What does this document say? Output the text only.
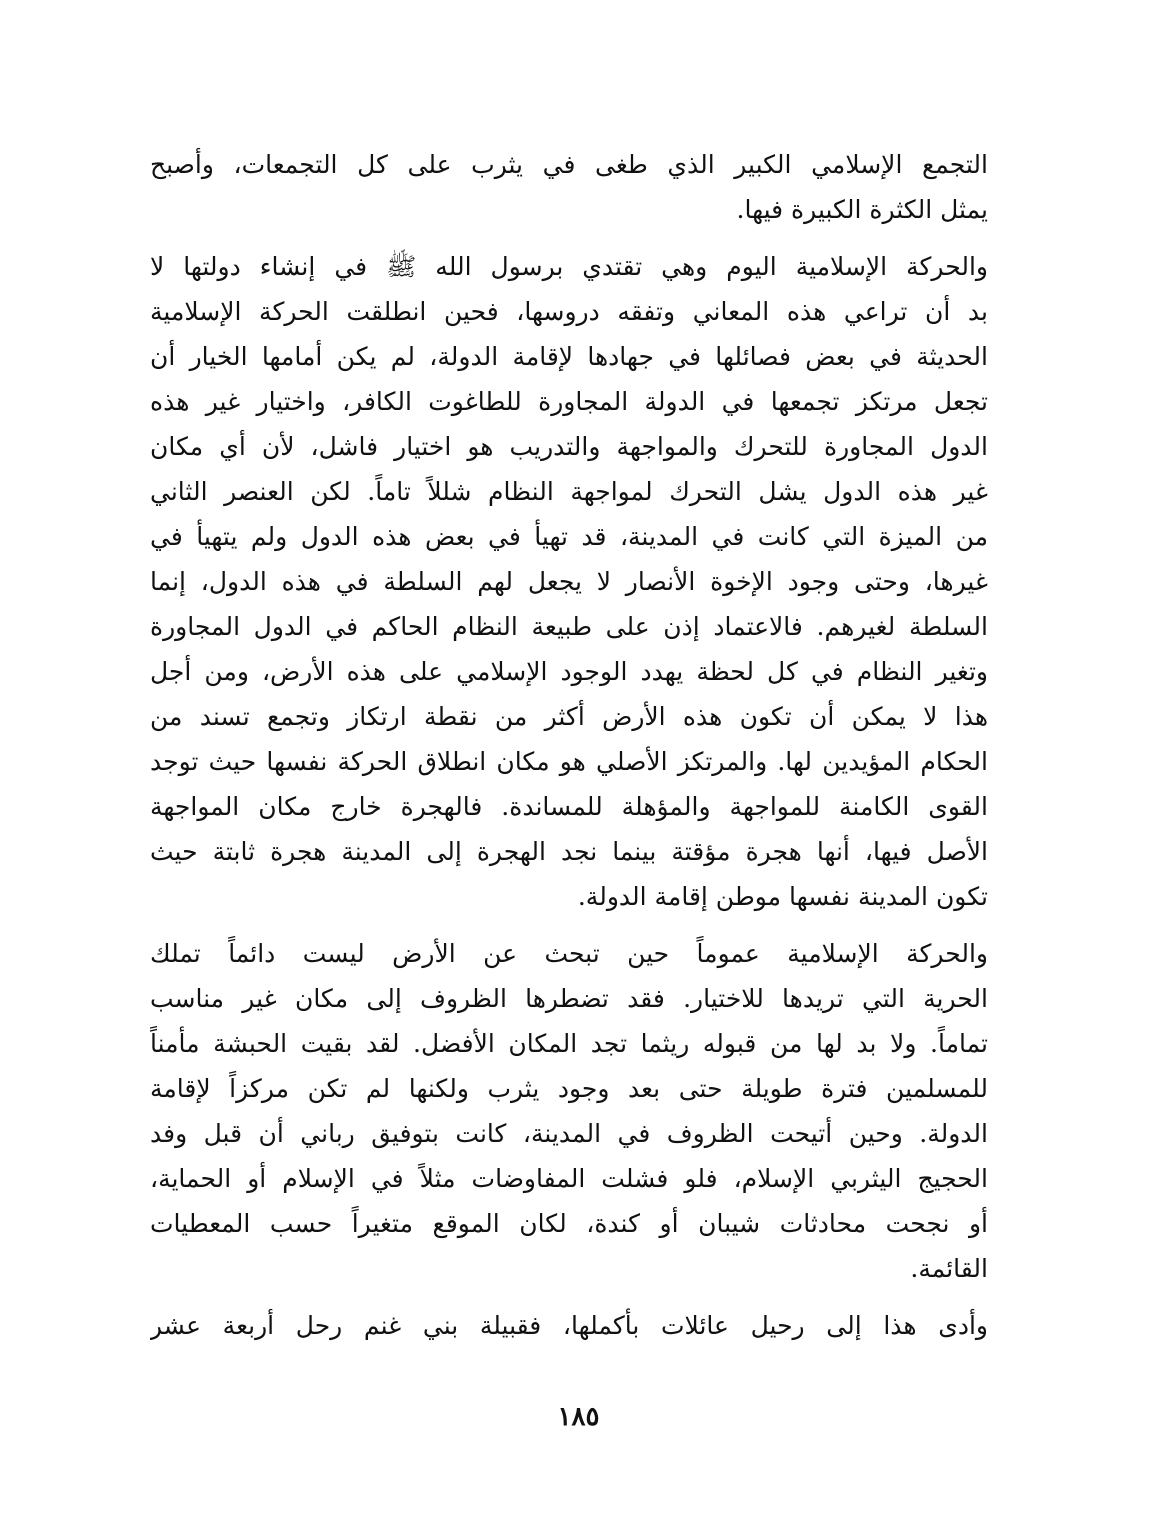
التجمع الإسلامي الكبير الذي طغى في يثرب على كل التجمعات، وأصبح
يمثل الكثرة الكبيرة فيها.
والحركة الإسلامية اليوم وهي تقتدي برسول الله ﷺ في إنشاء دولتها لا
بد أن تراعي هذه المعاني وتفقه دروسها، فحين انطلقت الحركة الإسلامية
الحديثة في بعض فصائلها في جهادها لإقامة الدولة، لم يكن أمامها الخيار أن
تجعل مرتكز تجمعها في الدولة المجاورة للطاغوت الكافر، واختيار غير هذه
الدول المجاورة للتحرك والمواجهة والتدريب هو اختيار فاشل، لأن أي مكان
غير هذه الدول يشل التحرك لمواجهة النظام شللاً تاماً. لكن العنصر الثاني
من الميزة التي كانت في المدينة، قد تهيأ في بعض هذه الدول ولم يتهيأ في
غيرها، وحتى وجود الإخوة الأنصار لا يجعل لهم السلطة في هذه الدول، إنما
السلطة لغيرهم. فالاعتماد إذن على طبيعة النظام الحاكم في الدول المجاورة
وتغير النظام في كل لحظة يهدد الوجود الإسلامي على هذه الأرض، ومن أجل
هذا لا يمكن أن تكون هذه الأرض أكثر من نقطة ارتكاز وتجمع تسند من
الحكام المؤيدين لها. والمرتكز الأصلي هو مكان انطلاق الحركة نفسها حيث توجد
القوى الكامنة للمواجهة والمؤهلة للمساندة. فالهجرة خارج مكان المواجهة
الأصل فيها، أنها هجرة مؤقتة بينما نجد الهجرة إلى المدينة هجرة ثابتة حيث
تكون المدينة نفسها موطن إقامة الدولة.
والحركة الإسلامية عموماً حين تبحث عن الأرض ليست دائماً تملك
الحرية التي تريدها للاختيار. فقد تضطرها الظروف إلى مكان غير مناسب
تماماً. ولا بد لها من قبوله ريثما تجد المكان الأفضل. لقد بقيت الحبشة مأمناً
للمسلمين فترة طويلة حتى بعد وجود يثرب ولكنها لم تكن مركزاً لإقامة
الدولة. وحين أتيحت الظروف في المدينة، كانت بتوفيق رباني أن قبل وفد
الحجيج اليثربي الإسلام، فلو فشلت المفاوضات مثلاً في الإسلام أو الحماية،
أو نجحت محادثات شيبان أو كندة، لكان الموقع متغيراً حسب المعطيات
القائمة.
وأدى هذا إلى رحيل عائلات بأكملها، فقبيلة بني غنم رحل أربعة عشر
١٨٥
